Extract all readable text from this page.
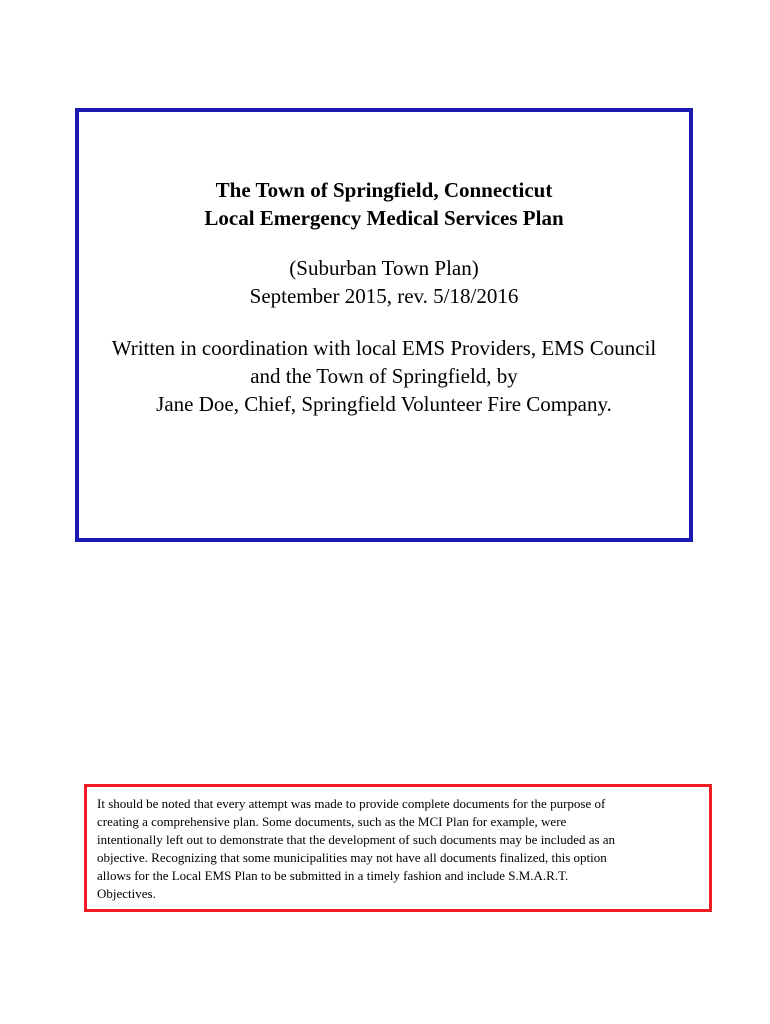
The Town of Springfield, Connecticut

Local Emergency Medical Services Plan

(Suburban Town Plan)

September 2015, rev. 5/18/2016

Written in coordination with local EMS Providers, EMS Council

and the Town of Springfield, by

Jane Doe, Chief, Springfield Volunteer Fire Company.

It should be noted that every attempt was made to provide complete documents for the purpose of

creating a comprehensive plan. Some documents, such as the MCI Plan for example, were

intentionally left out to demonstrate that the development of such documents may be included as an

objective. Recognizing that some municipalities may not have all documents finalized, this option

allows for the Local EMS Plan to be submitted in a timely fashion and include S.M.A.R.T.

Objectives.
